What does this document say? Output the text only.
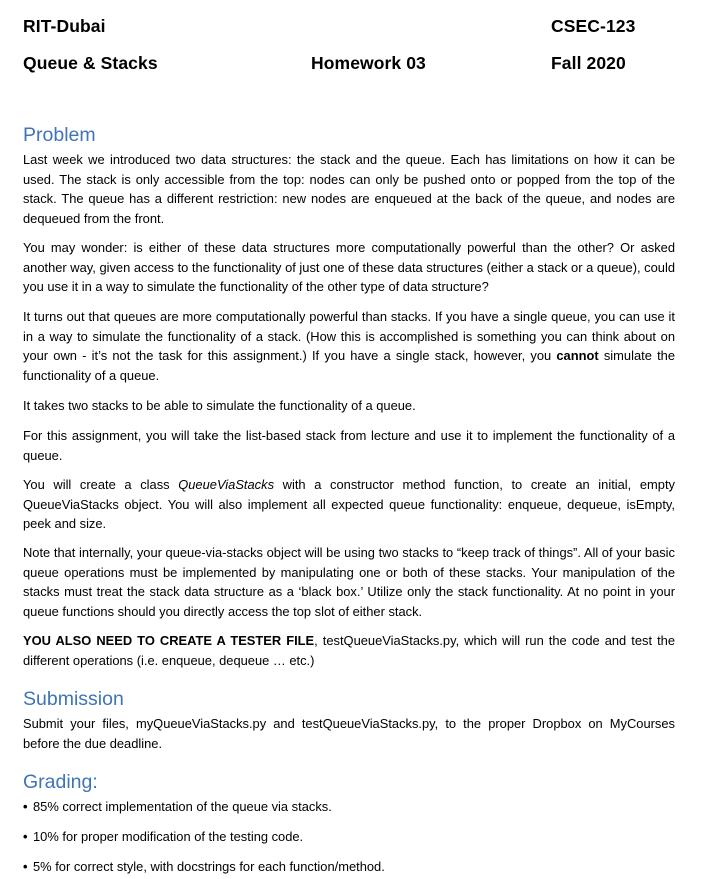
RIT-Dubai	CSEC-123
Queue & Stacks	Homework 03	Fall 2020
Problem

Last week we introduced two data structures: the stack and the queue. Each has limitations on how it can be used. The stack is only accessible from the top: nodes can only be pushed onto or popped from the top of the stack. The queue has a different restriction: new nodes are enqueued at the back of the queue, and nodes are dequeued from the front.

You may wonder: is either of these data structures more computationally powerful than the other? Or asked another way, given access to the functionality of just one of these data structures (either a stack or a queue), could you use it in a way to simulate the functionality of the other type of data structure?

It turns out that queues are more computationally powerful than stacks. If you have a single queue, you can use it in a way to simulate the functionality of a stack. (How this is accomplished is something you can think about on your own - it’s not the task for this assignment.) If you have a single stack, however, you cannot simulate the functionality of a queue.

It takes two stacks to be able to simulate the functionality of a queue.

For this assignment, you will take the list-based stack from lecture and use it to implement the functionality of a queue.

You will create a class QueueViaStacks with a constructor method function, to create an initial, empty QueueViaStacks object. You will also implement all expected queue functionality: enqueue, dequeue, isEmpty, peek and size.

Note that internally, your queue-via-stacks object will be using two stacks to “keep track of things”. All of your basic queue operations must be implemented by manipulating one or both of these stacks. Your manipulation of the stacks must treat the stack data structure as a ‘black box.’ Utilize only the stack functionality. At no point in your queue functions should you directly access the top slot of either stack.

YOU ALSO NEED TO CREATE A TESTER FILE, testQueueViaStacks.py, which will run the code and test the different operations (i.e. enqueue, dequeue … etc.)

Submission

Submit your files, myQueueViaStacks.py and testQueueViaStacks.py, to the proper Dropbox on MyCourses before the due deadline.

Grading:
• 85% correct implementation of the queue via stacks.
• 10% for proper modification of the testing code.
• 5% for correct style, with docstrings for each function/method.
